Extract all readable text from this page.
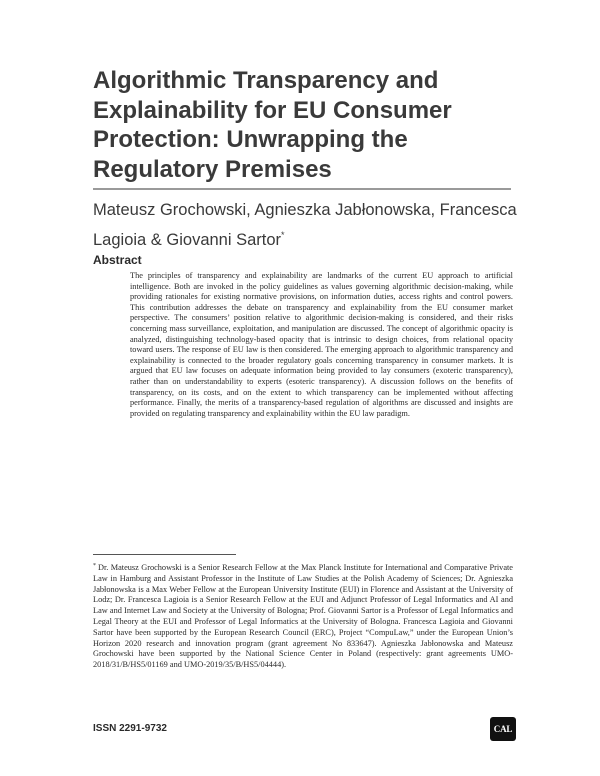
Algorithmic Transparency and Explainability for EU Consumer Protection: Unwrapping the Regulatory Premises

Mateusz Grochowski, Agnieszka Jabłonowska, Francesca Lagioia & Giovanni Sartor*

Abstract

The principles of transparency and explainability are landmarks of the current EU approach to artificial intelligence. Both are invoked in the policy guidelines as values governing algorithmic decision-making, while providing rationales for existing normative provisions, on information duties, access rights and control powers. This contribution addresses the debate on transparency and explainability from the EU consumer market perspective. The consumers’ position relative to algorithmic decision-making is considered, and their risks concerning mass surveillance, exploitation, and manipulation are discussed. The concept of algorithmic opacity is analyzed, distinguishing technology-based opacity that is intrinsic to design choices, from relational opacity toward users. The response of EU law is then considered. The emerging approach to algorithmic transparency and explainability is connected to the broader regulatory goals concerning transparency in consumer markets. It is argued that EU law focuses on adequate information being provided to lay consumers (exoteric transparency), rather than on understandability to experts (esoteric transparency). A discussion follows on the benefits of transparency, on its costs, and on the extent to which transparency can be implemented without affecting performance. Finally, the merits of a transparency-based regulation of algorithms are discussed and insights are provided on regulating transparency and explainability within the EU law paradigm.

* Dr. Mateusz Grochowski is a Senior Research Fellow at the Max Planck Institute for International and Comparative Private Law in Hamburg and Assistant Professor in the Institute of Law Studies at the Polish Academy of Sciences; Dr. Agnieszka Jabłonowska is a Max Weber Fellow at the European University Institute (EUI) in Florence and Assistant at the University of Lodz; Dr. Francesca Lagioia is a Senior Research Fellow at the EUI and Adjunct Professor of Legal Informatics and AI and Law and Internet Law and Society at the University of Bologna; Prof. Giovanni Sartor is a Professor of Legal Informatics and Legal Theory at the EUI and Professor of Legal Informatics at the University of Bologna. Francesca Lagioia and Giovanni Sartor have been supported by the European Research Council (ERC), Project “CompuLaw,” under the European Union’s Horizon 2020 research and innovation program (grant agreement No 833647). Agnieszka Jabłonowska and Mateusz Grochowski have been supported by the National Science Center in Poland (respectively: grant agreements UMO-2018/31/B/HS5/01169 and UMO-2019/35/B/HS5/04444).

ISSN 2291-9732	CAL
